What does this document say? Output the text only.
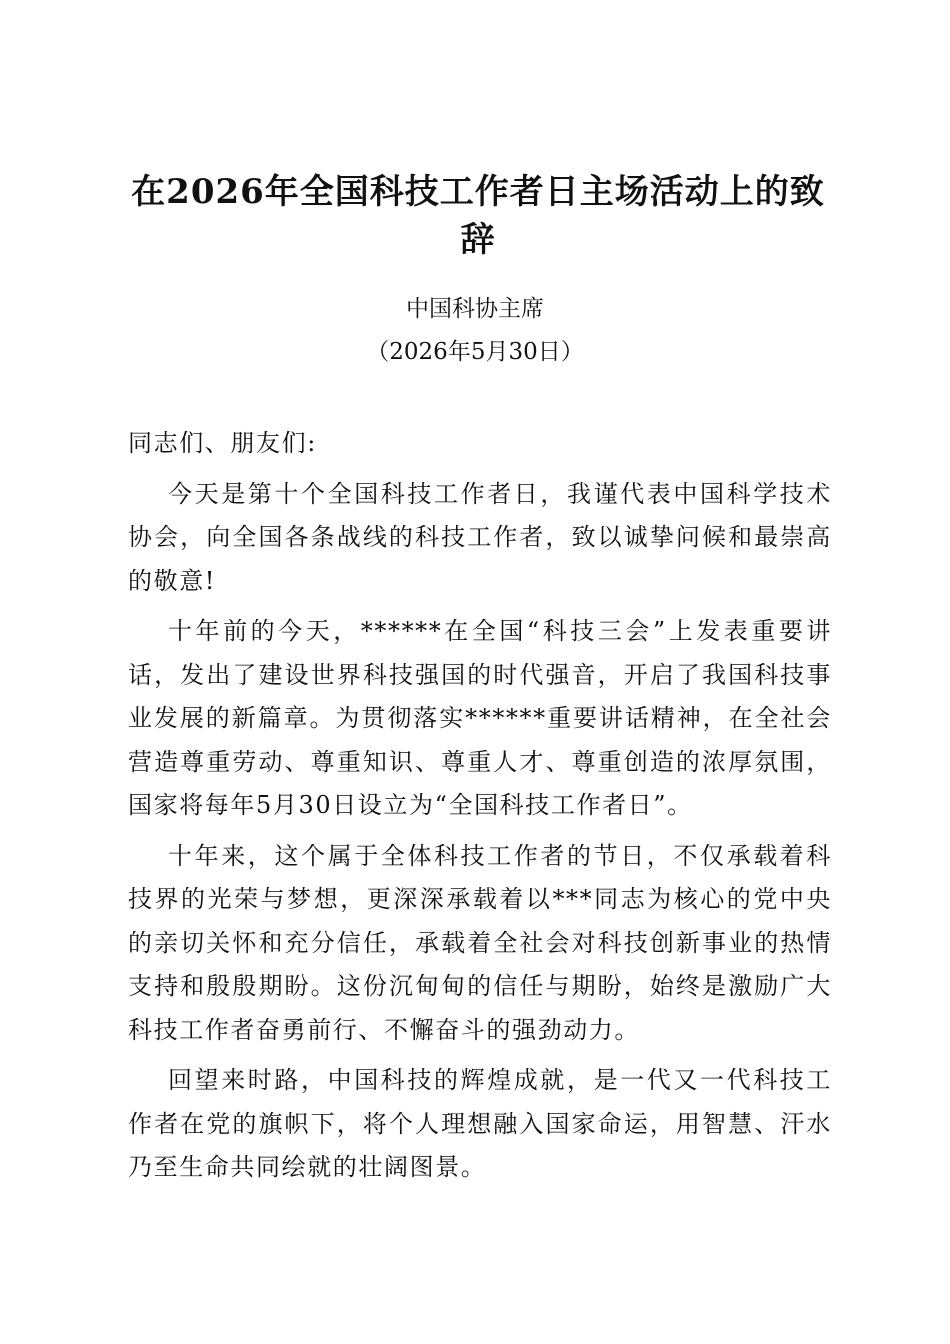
在2026年全国科技工作者日主场活动上的致辞
中国科协主席
（2026年5月30日）

同志们、朋友们:

今天是第十个全国科技工作者日，我谨代表中国科学技术协会，向全国各条战线的科技工作者，致以诚挚问候和最崇高的敬意!

十年前的今天，******在全国“科技三会”上发表重要讲话，发出了建设世界科技强国的时代强音，开启了我国科技事业发展的新篇章。为贯彻落实******重要讲话精神，在全社会营造尊重劳动、尊重知识、尊重人才、尊重创造的浓厚氛围，国家将每年5月30日设立为“全国科技工作者日”。

十年来，这个属于全体科技工作者的节日，不仅承载着科技界的光荣与梦想，更深深承载着以***同志为核心的党中央的亲切关怀和充分信任，承载着全社会对科技创新事业的热情支持和殷殷期盼。这份沉甸甸的信任与期盼，始终是激励广大科技工作者奋勇前行、不懈奋斗的强劲动力。

回望来时路，中国科技的辉煌成就，是一代又一代科技工作者在党的旗帜下，将个人理想融入国家命运，用智慧、汗水乃至生命共同绘就的壮阔图景。
